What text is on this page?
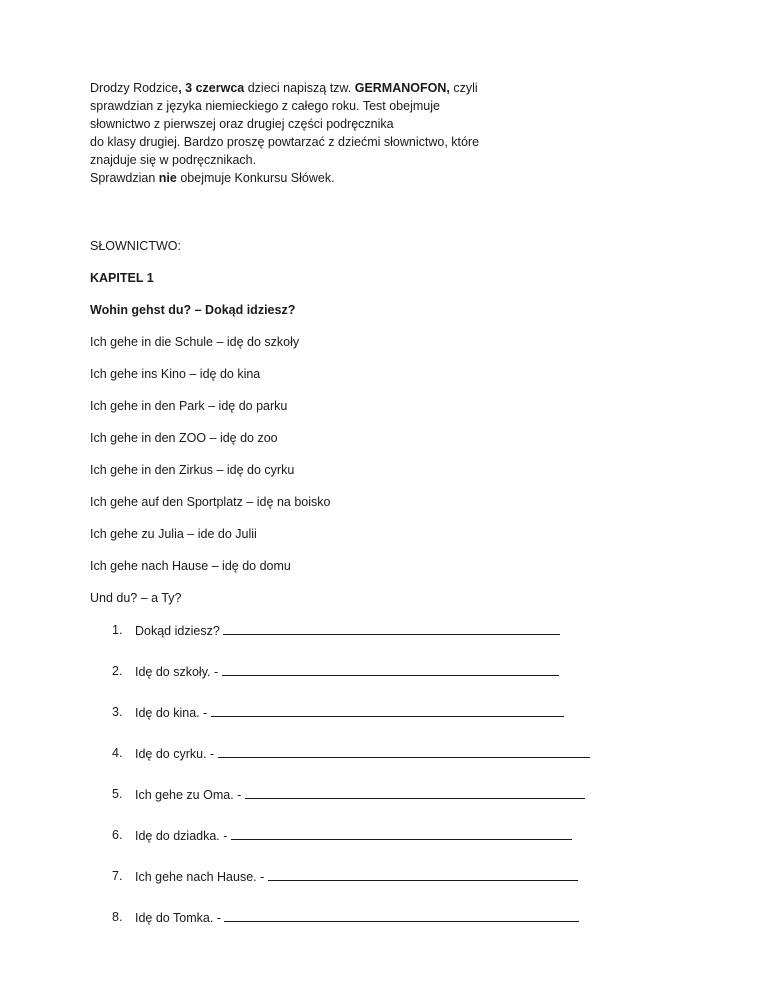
Drodzy Rodzice, 3 czerwca dzieci napiszą tzw. GERMANOFON, czyli

sprawdzian z języka niemieckiego z całego roku. Test obejmuje

słownictwo z pierwszej oraz drugiej części podręcznika

do klasy drugiej. Bardzo proszę powtarzać z dziećmi słownictwo, które

znajduje się w podręcznikach.

Sprawdzian nie obejmuje Konkursu Słówek.

SŁOWNICTWO:

KAPITEL 1

Wohin gehst du? – Dokąd idziesz?

Ich gehe in die Schule – idę do szkoły

Ich gehe ins Kino – idę do kina

Ich gehe in den Park – idę do parku

Ich gehe in den ZOO – idę do zoo

Ich gehe in den Zirkus – idę do cyrku

Ich gehe auf den Sportplatz – idę na boisko

Ich gehe zu Julia – ide do Julii

Ich gehe nach Hause – idę do domu

Und du? – a Ty?

1. Dokąd idziesz?
2. Idę do szkoły. -
3. Idę do kina. -
4. Idę do cyrku. -
5. Ich gehe zu Oma. -
6. Idę do dziadka. -
7. Ich gehe nach Hause. -
8. Idę do Tomka. -
